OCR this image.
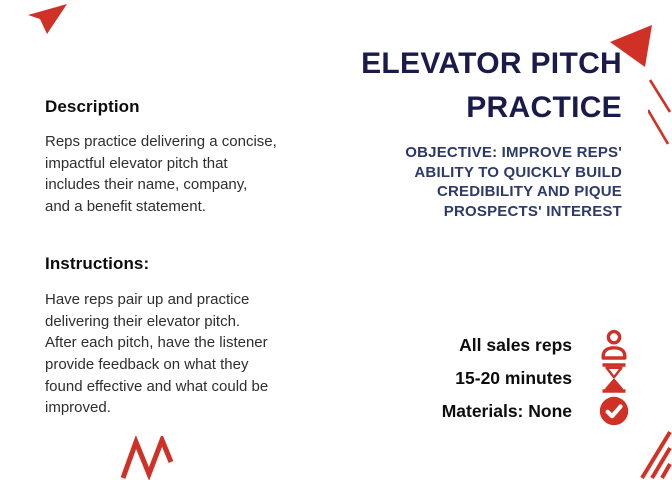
Description
Reps practice delivering a concise,
impactful elevator pitch that
includes their name, company,
and a benefit statement.
Instructions:
Have reps pair up and practice
delivering their elevator pitch.
After each pitch, have the listener
provide feedback on what they
found effective and what could be
improved.
ELEVATOR PITCH
PRACTICE
OBJECTIVE: IMPROVE REPS'
ABILITY TO QUICKLY BUILD
CREDIBILITY AND PIQUE
PROSPECTS' INTEREST
All sales reps
15-20 minutes
Materials: None
